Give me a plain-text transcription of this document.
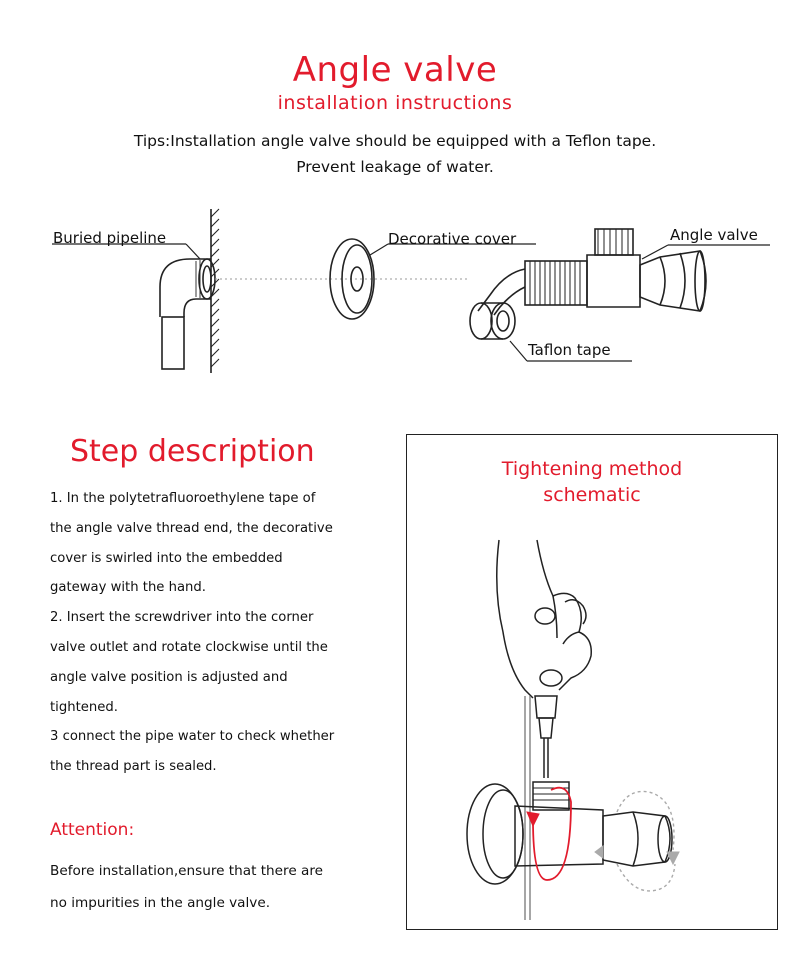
Angle valve
installation instructions
Tips:Installation angle valve should be equipped with a Teflon tape.
Prevent leakage of water.
Buried pipeline	Decorative cover	Angle valve
Taflon tape
Step description
1. In the polytetrafluoroethylene tape of
the angle valve thread end, the decorative
cover is swirled into the embedded
gateway with the hand.
2. Insert the screwdriver into the corner
valve outlet and rotate clockwise until the
angle valve position is adjusted and
tightened.
3 connect the pipe water to check whether
the thread part is sealed.
Attention:
Before installation,ensure that there are
no impurities in the angle valve.
Tightening method
schematic
